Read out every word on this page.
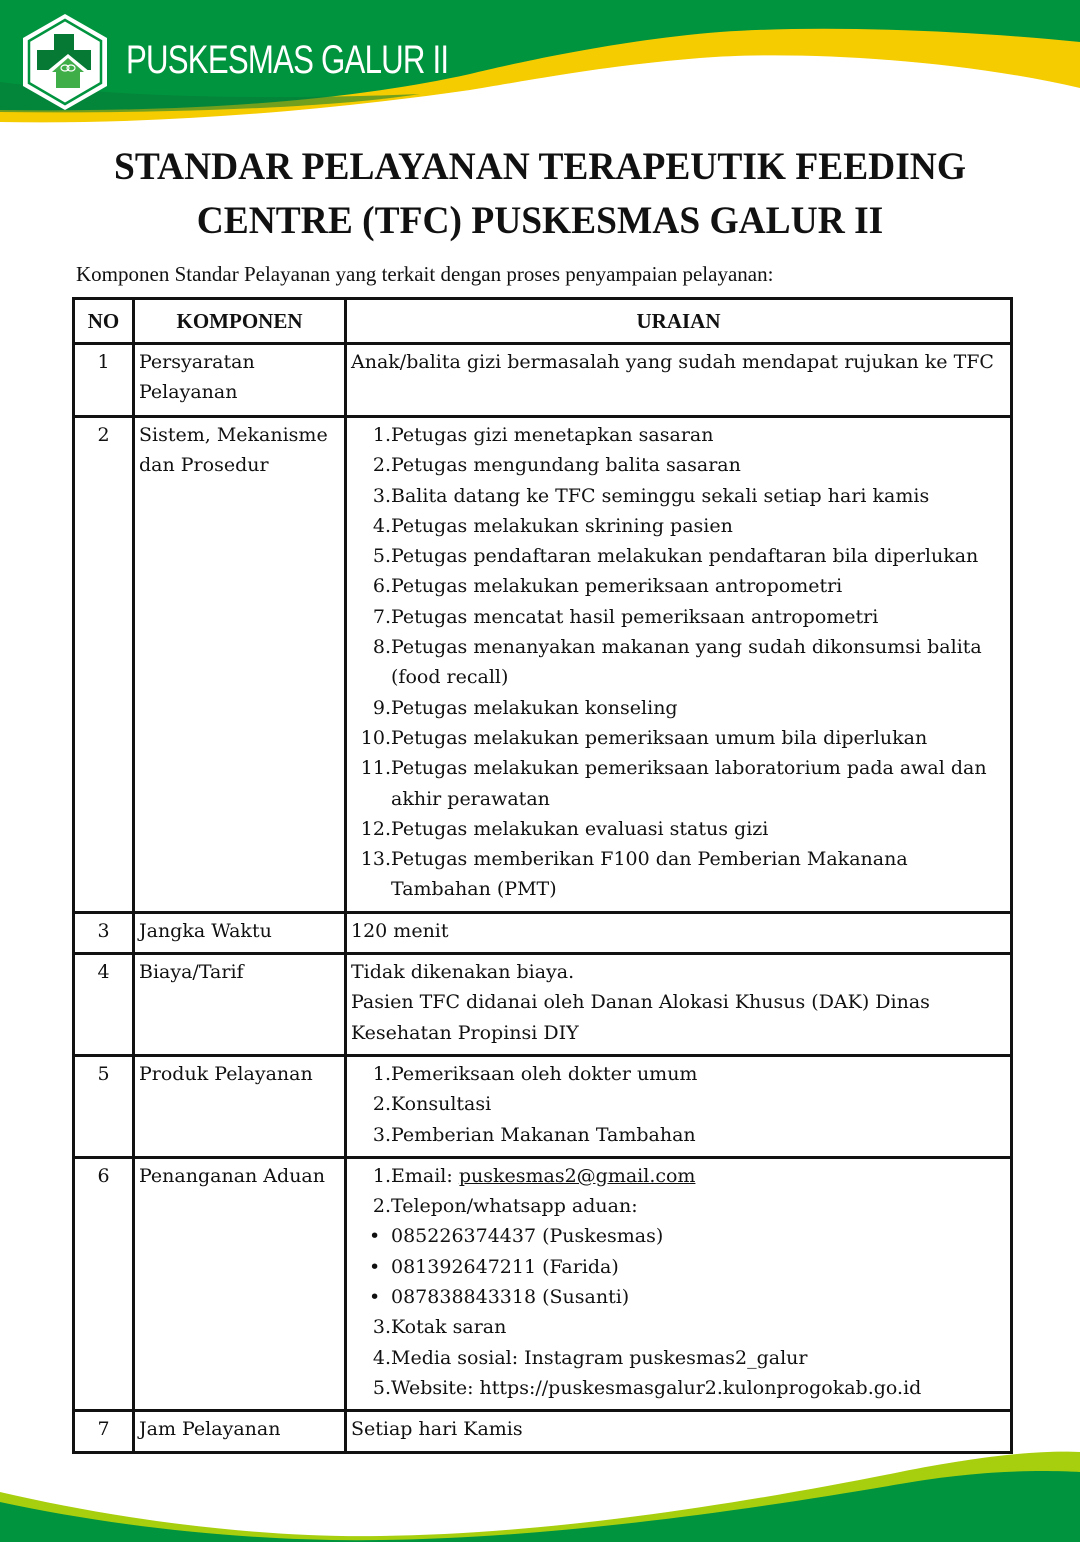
PUSKESMAS GALUR II
STANDAR PELAYANAN TERAPEUTIK FEEDING
CENTRE (TFC) PUSKESMAS GALUR II
Komponen Standar Pelayanan yang terkait dengan proses penyampaian pelayanan:
NO	KOMPONEN	URAIAN
1	Persyaratan Pelayanan	Anak/balita gizi bermasalah yang sudah mendapat rujukan ke TFC
2	Sistem, Mekanisme dan Prosedur	
1. Petugas gizi menetapkan sasaran
2. Petugas mengundang balita sasaran
3. Balita datang ke TFC seminggu sekali setiap hari kamis
4. Petugas melakukan skrining pasien
5. Petugas pendaftaran melakukan pendaftaran bila diperlukan
6. Petugas melakukan pemeriksaan antropometri
7. Petugas mencatat hasil pemeriksaan antropometri
8. Petugas menanyakan makanan yang sudah dikonsumsi balita (food recall)
9. Petugas melakukan konseling
10. Petugas melakukan pemeriksaan umum bila diperlukan
11. Petugas melakukan pemeriksaan laboratorium pada awal dan akhir perawatan
12. Petugas melakukan evaluasi status gizi
13. Petugas memberikan F100 dan Pemberian Makanana Tambahan (PMT)

3	Jangka Waktu	120 menit
4	Biaya/Tarif	Tidak dikenakan biaya.
Pasien TFC didanai oleh Danan Alokasi Khusus (DAK) Dinas Kesehatan Propinsi DIY

5	Produk Pelayanan	1. Pemeriksaan oleh dokter umum
2. Konsultasi
3. Pemberian Makanan Tambahan

6	Penanganan Aduan	1. Email: puskesmas2@gmail.com
2. Telepon/whatsapp aduan:
• 085226374437 (Puskesmas)
• 081392647211 (Farida)
• 087838843318 (Susanti)
3. Kotak saran
4. Media sosial: Instagram puskesmas2_galur
5. Website: https://puskesmasgalur2.kulonprogokab.go.id

7	Jam Pelayanan	Setiap hari Kamis
